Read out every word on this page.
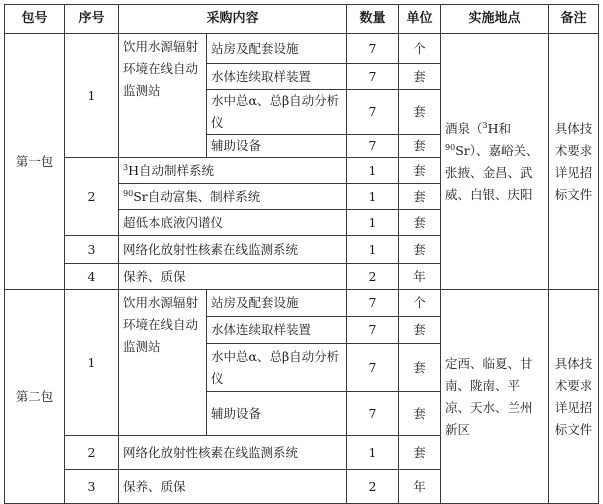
包号	序号	采购内容		数量	单位	实施地点	备注
第一包	1	饮用水源辐射环境在线自动监测站	站房及配套设施	7	个	酒泉（$^3$H和$^{90}$Sr）、嘉峪关、张掖、金昌、武威、白银、庆阳	具体技术要求详见招标文件
			水体连续取样装置	7	套		
			水中总α、总β自动分析仪	7	套		
			辅助设备	7	套		
	2	$^3$H自动制样系统		1	套		
		$^{90}$Sr自动富集、制样系统		1	套		
		超低本底液闪谱仪		1	套		
	3	网络化放射性核素在线监测系统		1	套		
	4	保养、质保		2	年		

第二包	1	饮用水源辐射环境在线自动监测站	站房及配套设施	7	个	定西、临夏、甘南、陇南、平凉、天水、兰州新区	具体技术要求详见招标文件
			水体连续取样装置	7	套		
			水中总α、总β自动分析仪	7	套		
			辅助设备	7	套		
	2	网络化放射性核素在线监测系统		1	套		
	3	保养、质保		2	年		
